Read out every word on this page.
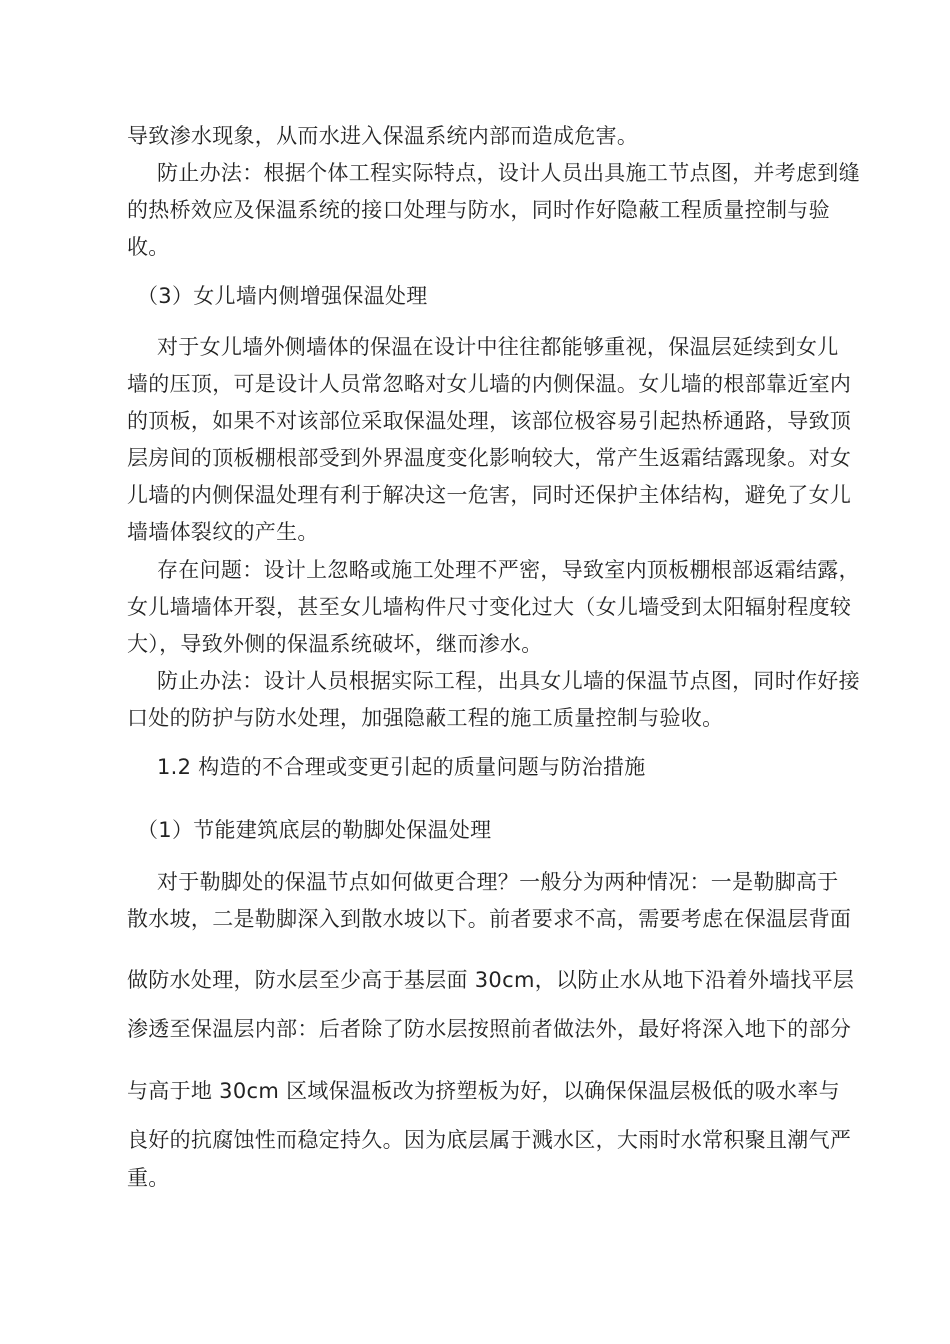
导致渗水现象，从而水进入保温系统内部而造成危害。
防止办法：根据个体工程实际特点，设计人员出具施工节点图，并考虑到缝
的热桥效应及保温系统的接口处理与防水，同时作好隐蔽工程质量控制与验
收。
（3）女儿墙内侧增强保温处理
对于女儿墙外侧墙体的保温在设计中往往都能够重视，保温层延续到女儿
墙的压顶，可是设计人员常忽略对女儿墙的内侧保温。女儿墙的根部靠近室内
的顶板，如果不对该部位采取保温处理，该部位极容易引起热桥通路，导致顶
层房间的顶板棚根部受到外界温度变化影响较大，常产生返霜结露现象。对女
儿墙的内侧保温处理有利于解决这一危害，同时还保护主体结构，避免了女儿
墙墙体裂纹的产生。
存在问题：设计上忽略或施工处理不严密，导致室内顶板棚根部返霜结露，
女儿墙墙体开裂，甚至女儿墙构件尺寸变化过大（女儿墙受到太阳辐射程度较
大），导致外侧的保温系统破坏，继而渗水。
防止办法：设计人员根据实际工程，出具女儿墙的保温节点图，同时作好接
口处的防护与防水处理，加强隐蔽工程的施工质量控制与验收。
1.2 构造的不合理或变更引起的质量问题与防治措施
（1）节能建筑底层的勒脚处保温处理
对于勒脚处的保温节点如何做更合理？一般分为两种情况：一是勒脚高于
散水坡，二是勒脚深入到散水坡以下。前者要求不高，需要考虑在保温层背面
做防水处理，防水层至少高于基层面 30cm，以防止水从地下沿着外墙找平层
渗透至保温层内部：后者除了防水层按照前者做法外，最好将深入地下的部分
与高于地 30cm 区域保温板改为挤塑板为好，以确保保温层极低的吸水率与
良好的抗腐蚀性而稳定持久。因为底层属于溅水区，大雨时水常积聚且潮气严
重。
